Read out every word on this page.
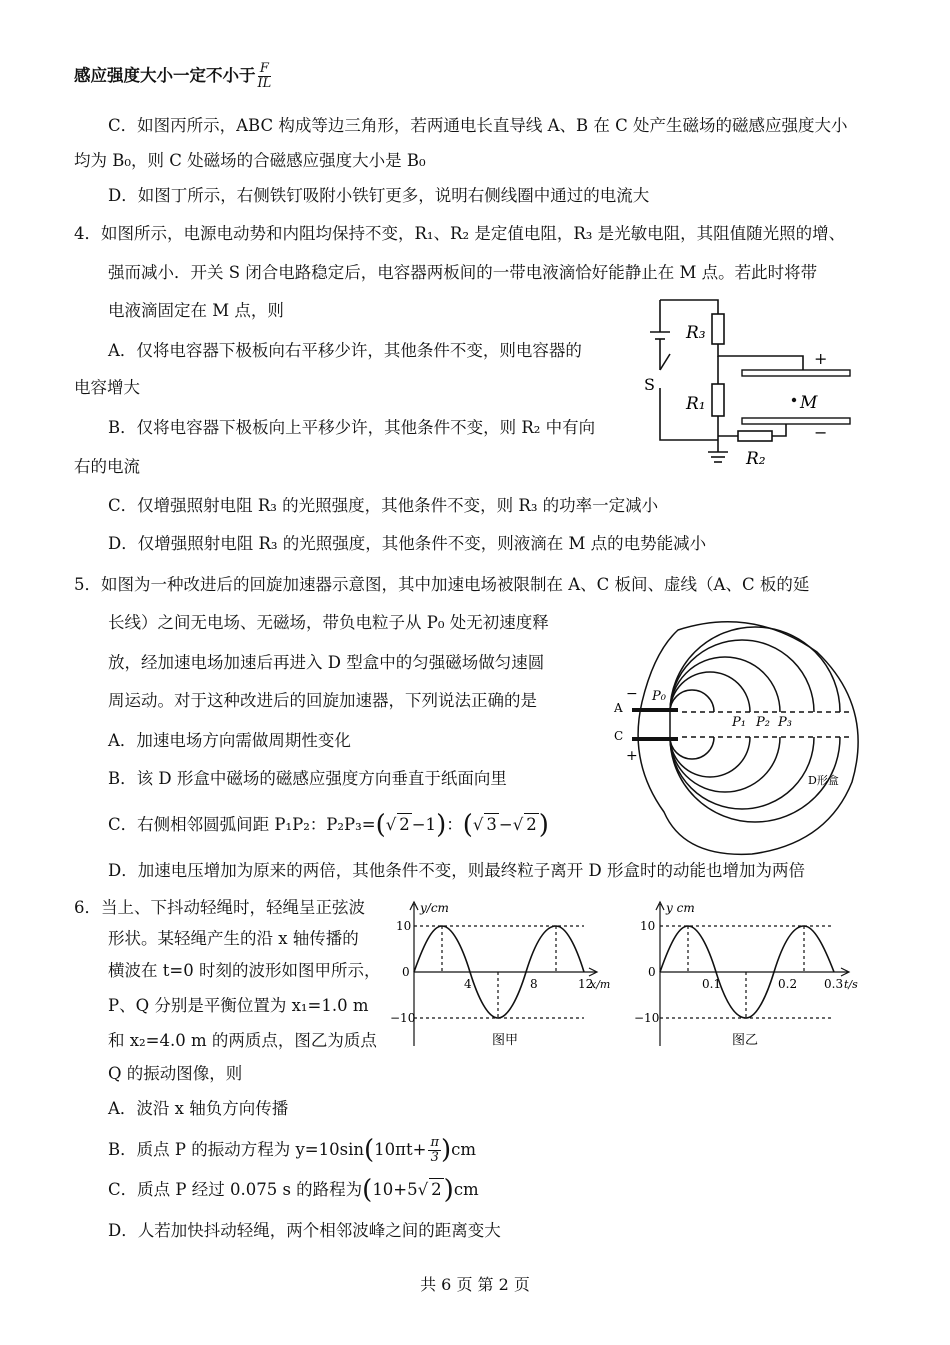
感应强度大小一定不小于 $\frac{F}{IL}$
C．如图丙所示，ABC 构成等边三角形，若两通电长直导线 A、B 在 C 处产生磁场的磁感应强度大小
均为 B₀，则 C 处磁场的合磁感应强度大小是 B₀
D．如图丁所示，右侧铁钉吸附小铁钉更多，说明右侧线圈中通过的电流大
4．如图所示，电源电动势和内阻均保持不变，R₁、R₂ 是定值电阻，R₃ 是光敏电阻，其阻值随光照的增、
强而减小．开关 S 闭合电路稳定后，电容器两板间的一带电液滴恰好能静止在 M 点。若此时将带
电液滴固定在 M 点，则
A．仅将电容器下极板向右平移少许，其他条件不变，则电容器的
电容增大
B．仅将电容器下极板向上平移少许，其他条件不变，则 R₂ 中有向
右的电流
C．仅增强照射电阻 R₃ 的光照强度，其他条件不变，则 R₃ 的功率一定减小
D．仅增强照射电阻 R₃ 的光照强度，其他条件不变，则液滴在 M 点的电势能减小
R₃
R₁
R₂
S
M
+
−
5．如图为一种改进后的回旋加速器示意图，其中加速电场被限制在 A、C 板间、虚线（A、C 板的延
长线）之间无电场、无磁场，带负电粒子从 P₀ 处无初速度释
放，经加速电场加速后再进入 D 型盒中的匀强磁场做匀速圆
周运动。对于这种改进后的回旋加速器，下列说法正确的是
A．加速电场方向需做周期性变化
B．该 D 形盒中磁场的磁感应强度方向垂直于纸面向里
C．右侧相邻圆弧间距 P₁P₂：P₂P₃=(√ 2 −1)：(√ 3 −√ 2)
D．加速电压增加为原来的两倍，其他条件不变，则最终粒子离开 D 形盒时的动能也增加为两倍
A
C
−
+
P₀
P₁ P₂ P₃
D形盒
6．当上、下抖动轻绳时，轻绳呈正弦波
形状。某轻绳产生的沿 x 轴传播的
横波在 t=0 时刻的波形如图甲所示，
P、Q 分别是平衡位置为 x₁=1.0 m
和 x₂=4.0 m 的两质点，图乙为质点
Q 的振动图像，则
A．波沿 x 轴负方向传播
B．质点 P 的振动方程为 $y=10\sin(10\pi t+ \frac{\pi}{3} )cm$
C．质点 P 经过 0.075 s 的路程为(10+5√ 2)cm
D．人若加快抖动轻绳，两个相邻波峰之间的距离变大
y/cm
10
0
−10
4	8	12
x/m
图甲
y cm
10
0
−10
0.1	0.2 0.3 t/s
图乙
共 6 页 第 2 页
